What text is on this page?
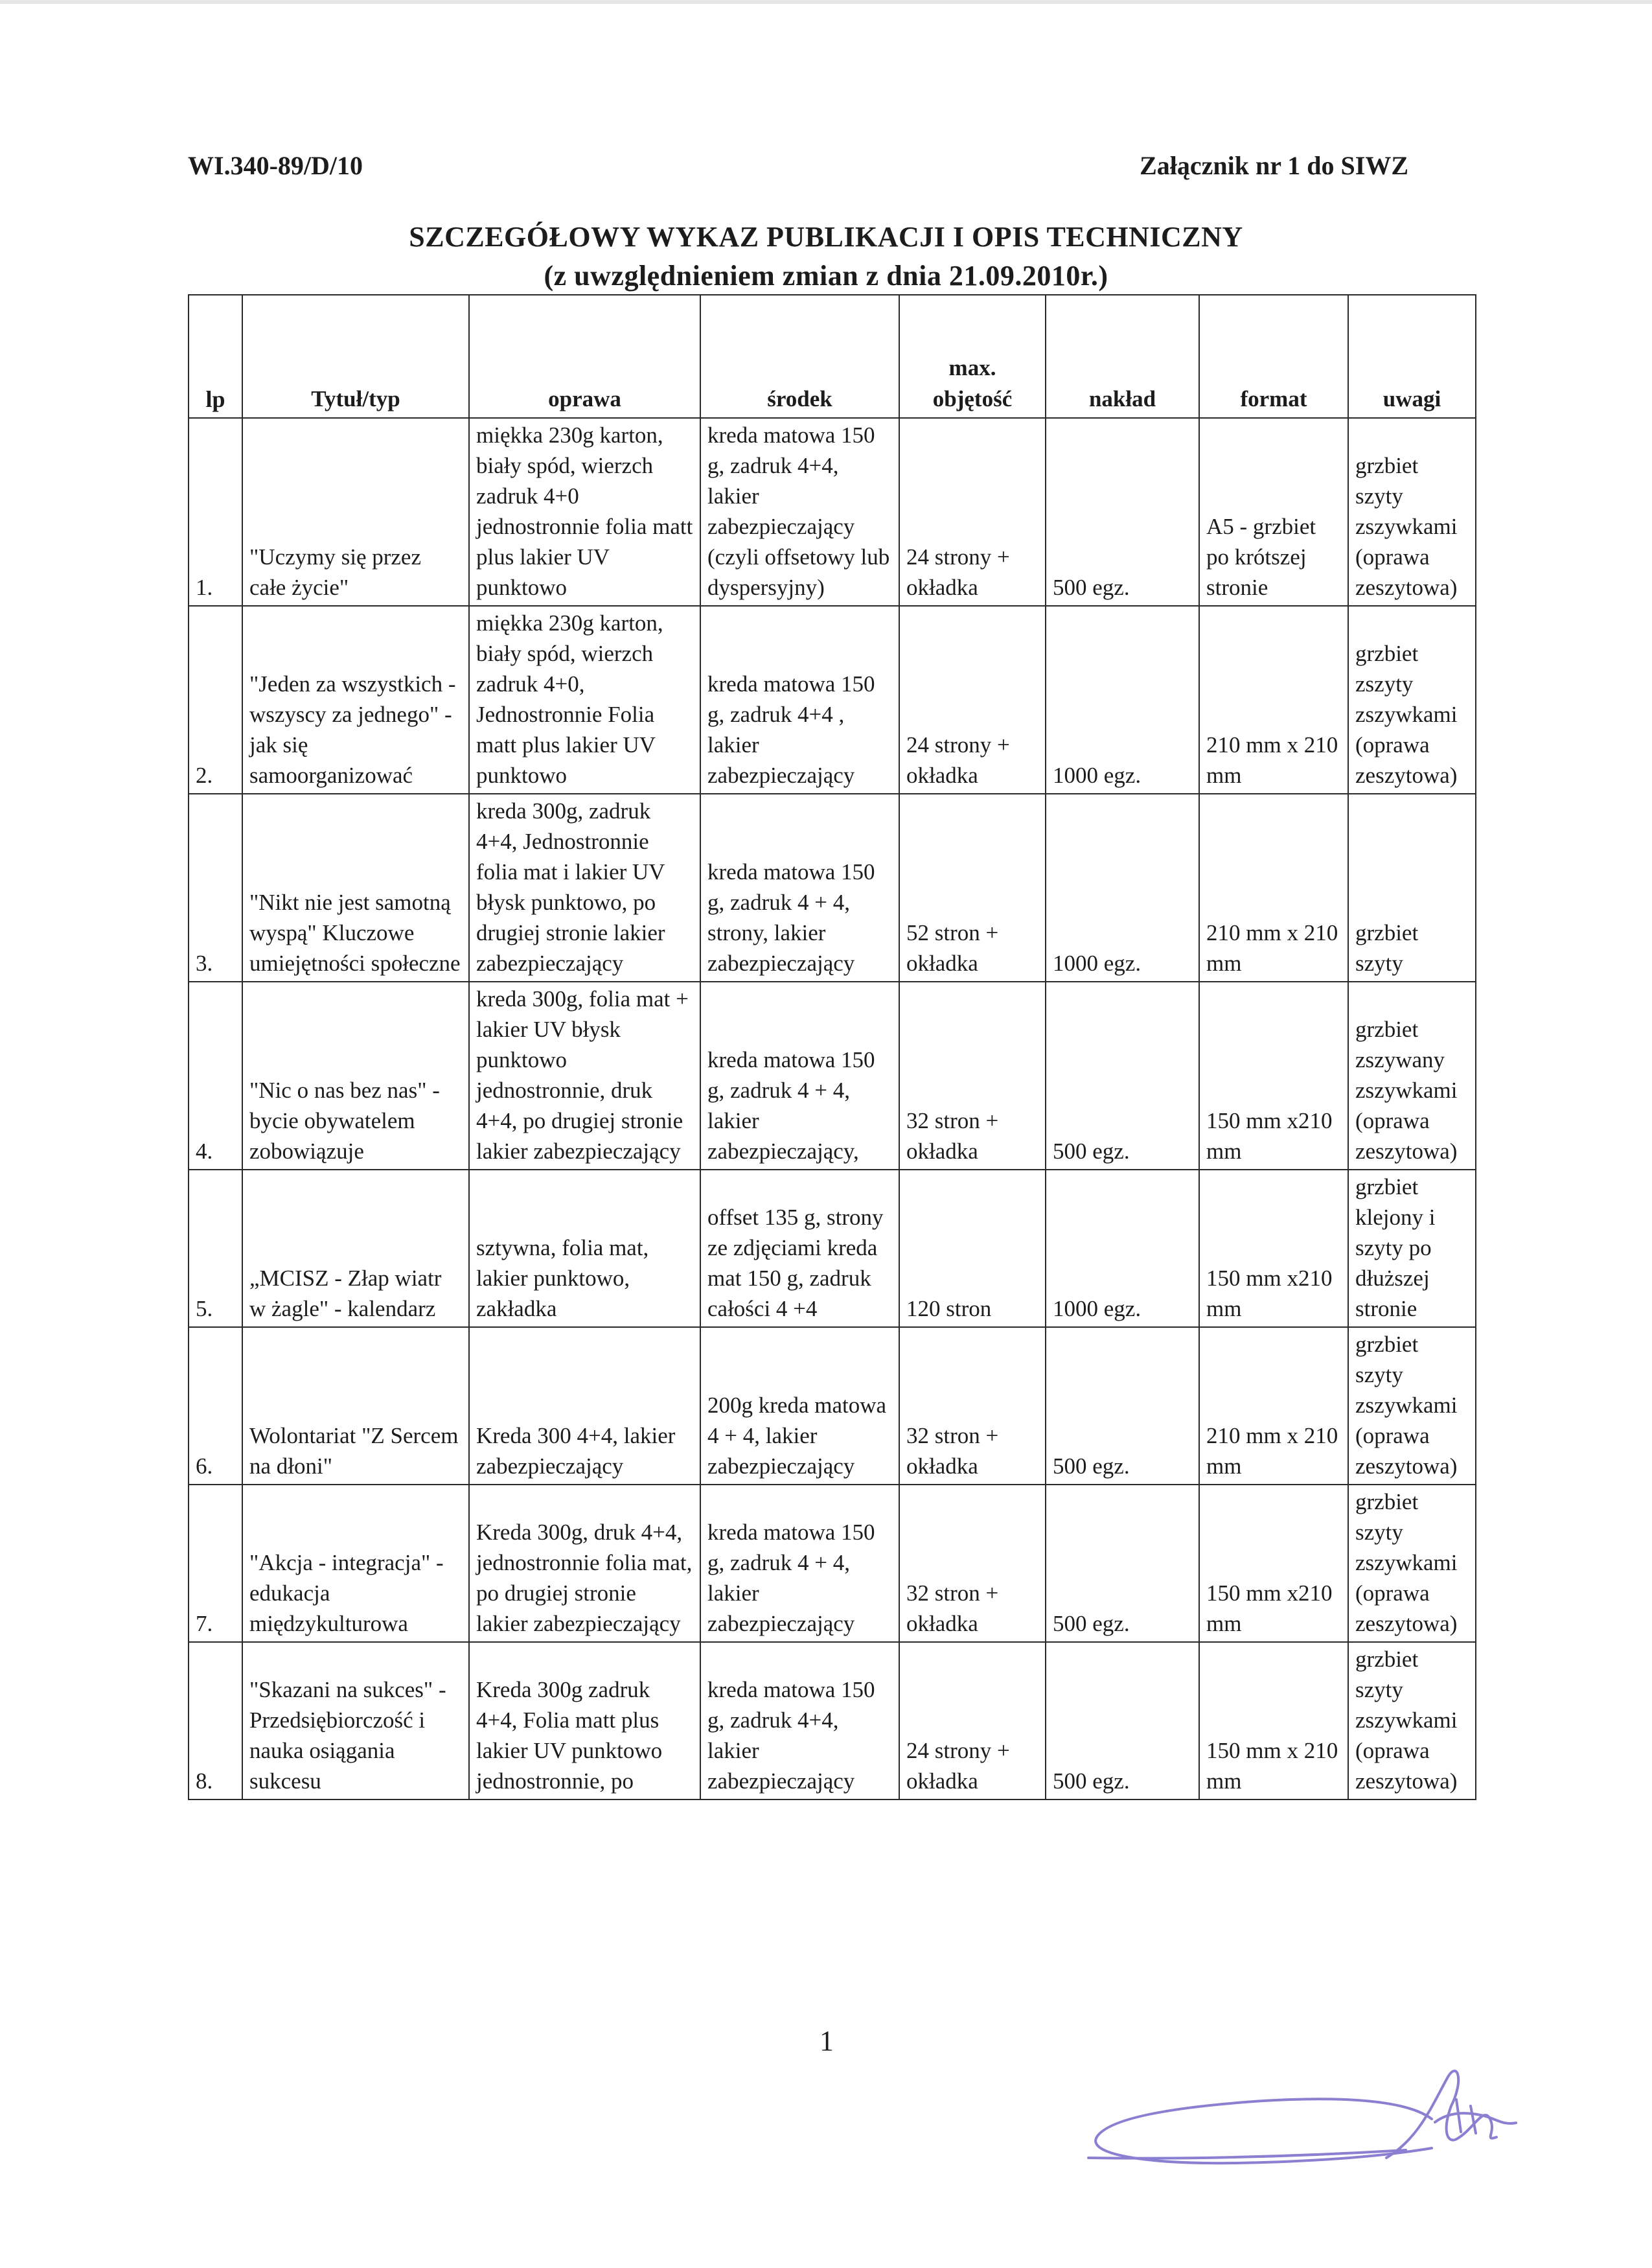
WI.340-89/D/10	Załącznik nr 1 do SIWZ
SZCZEGÓŁOWY WYKAZ PUBLIKACJI I OPIS TECHNICZNY
(z uwzględnieniem zmian z dnia 21.09.2010r.)
lp	Tytuł/typ	oprawa	środek	max. objętość	nakład	format	uwagi
1.	"Uczymy się przez całe życie"	miękka 230g karton, biały spód, wierzch zadruk 4+0 jednostronnie folia matt plus lakier UV punktowo	kreda matowa 150 g, zadruk 4+4, lakier zabezpieczający (czyli offsetowy lub dyspersyjny)	24 strony + okładka	500 egz.	A5 - grzbiet po krótszej stronie	grzbiet szyty zszywkami (oprawa zeszytowa)
2.	"Jeden za wszystkich - wszyscy za jednego" - jak się samoorganizować	miękka 230g karton, biały spód, wierzch zadruk 4+0, Jednostronnie Folia matt plus lakier UV punktowo	kreda matowa 150 g, zadruk 4+4 , lakier zabezpieczający	24 strony + okładka	1000 egz.	210 mm x 210 mm	grzbiet zszyty zszywkami (oprawa zeszytowa)
3.	"Nikt nie jest samotną wyspą" Kluczowe umiejętności społeczne	kreda 300g, zadruk 4+4, Jednostronnie folia mat i lakier UV błysk punktowo, po drugiej stronie lakier zabezpieczający	kreda matowa 150 g, zadruk 4 + 4, strony, lakier zabezpieczający	52 stron + okładka	1000 egz.	210 mm x 210 mm	grzbiet szyty
4.	"Nic o nas bez nas" - bycie obywatelem zobowiązuje	kreda 300g, folia mat + lakier UV błysk punktowo jednostronnie, druk 4+4, po drugiej stronie lakier zabezpieczający	kreda matowa 150 g, zadruk 4 + 4, lakier zabezpieczający,	32 stron + okładka	500 egz.	150 mm x210 mm	grzbiet zszywany zszywkami (oprawa zeszytowa)
5.	„MCISZ - Złap wiatr w żagle" - kalendarz	sztywna, folia mat, lakier punktowo, zakładka	offset 135 g, strony ze zdjęciami kreda mat 150 g, zadruk całości 4 +4	120 stron	1000 egz.	150 mm x210 mm	grzbiet klejony i szyty po dłuższej stronie
6.	Wolontariat "Z Sercem na dłoni"	Kreda 300 4+4, lakier zabezpieczający	200g kreda matowa 4 + 4, lakier zabezpieczający	32 stron + okładka	500 egz.	210 mm x 210 mm	grzbiet szyty zszywkami (oprawa zeszytowa)
7.	"Akcja - integracja" - edukacja międzykulturowa	Kreda 300g, druk 4+4, jednostronnie folia mat, po drugiej stronie lakier zabezpieczający	kreda matowa 150 g, zadruk 4 + 4, lakier zabezpieczający	32 stron + okładka	500 egz.	150 mm x210 mm	grzbiet szyty zszywkami (oprawa zeszytowa)
8.	"Skazani na sukces" - Przedsiębiorczość i nauka osiągania sukcesu	Kreda 300g zadruk 4+4, Folia matt plus lakier UV punktowo jednostronnie, po	kreda matowa 150 g, zadruk 4+4, lakier zabezpieczający	24 strony + okładka	500 egz.	150 mm x 210 mm	grzbiet szyty zszywkami (oprawa zeszytowa)
1
